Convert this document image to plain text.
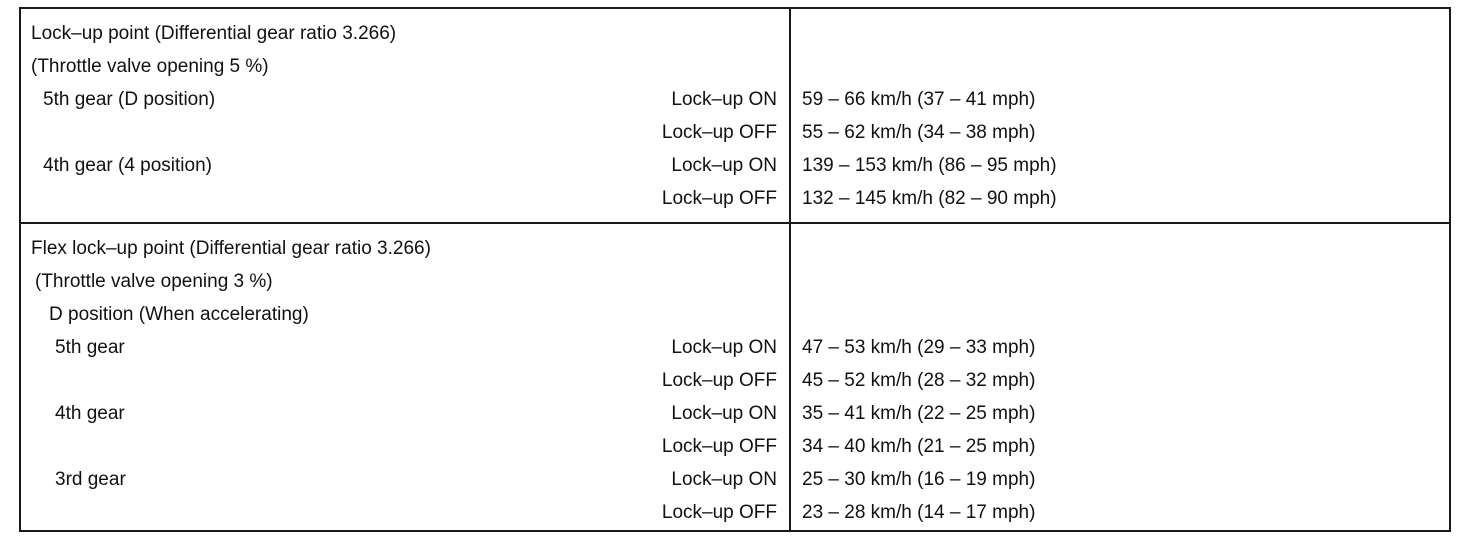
Lock–up point (Differential gear ratio 3.266)
(Throttle valve opening 5 %)
5th gear (D position)	Lock–up ON 59 – 66 km/h (37 – 41 mph)
Lock–up OFF 55 – 62 km/h (34 – 38 mph)
4th gear (4 position)	Lock–up ON 139 – 153 km/h (86 – 95 mph)
Lock–up OFF 132 – 145 km/h (82 – 90 mph)
Flex lock–up point (Differential gear ratio 3.266)
(Throttle valve opening 3 %)
D position (When accelerating)
5th gear	Lock–up ON 47 – 53 km/h (29 – 33 mph)
Lock–up OFF 45 – 52 km/h (28 – 32 mph)
4th gear	Lock–up ON 35 – 41 km/h (22 – 25 mph)
Lock–up OFF 34 – 40 km/h (21 – 25 mph)
3rd gear	Lock–up ON 25 – 30 km/h (16 – 19 mph)
Lock–up OFF 23 – 28 km/h (14 – 17 mph)
